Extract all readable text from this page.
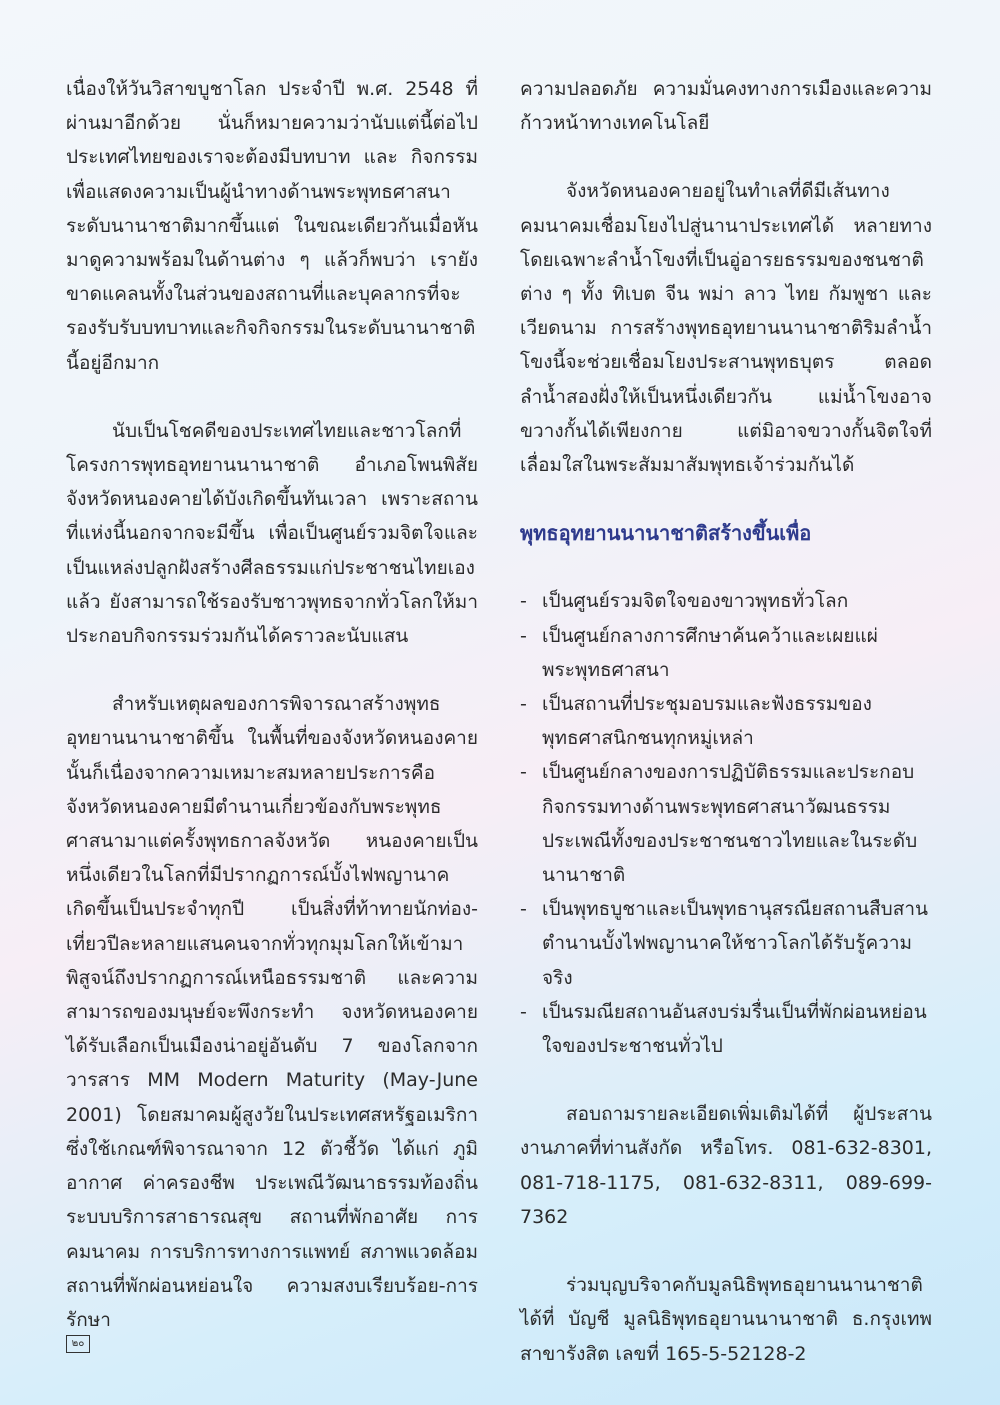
เนื่องให้วันวิสาขบูชาโลก ประจำปี พ.ศ. 2548 ที่ผ่านมาอีกด้วย นั่นก็หมายความว่านับแต่นี้ต่อไปประเทศไทยของเราจะต้องมีบทบาท และ กิจกรรมเพื่อแสดงความเป็นผู้นำทางด้านพระพุทธศาสนาระดับนานาชาติมากขึ้นแต่ ในขณะเดียวกันเมื่อหันมาดูความพร้อมในด้านต่าง ๆ แล้วก็พบว่า เรายังขาดแคลนทั้งในส่วนของสถานที่และบุคลากรที่จะรองรับรับบทบาทและกิจกิจกรรมในระดับนานาชาตินี้อยู่อีกมาก

นับเป็นโชคดีของประเทศไทยและชาวโลกที่โครงการพุทธอุทยานนานาชาติ อำเภอโพนพิสัย จังหวัดหนองคายได้บังเกิดขึ้นทันเวลา เพราะสถานที่แห่งนี้นอกจากจะมีขึ้น เพื่อเป็นศูนย์รวมจิตใจและเป็นแหล่งปลูกฝังสร้างศีลธรรมแก่ประชาชนไทยเองแล้ว ยังสามารถใช้รองรับชาวพุทธจากทั่วโลกให้มาประกอบกิจกรรมร่วมกันได้คราวละนับแสน

สำหรับเหตุผลของการพิจารณาสร้างพุทธอุทยานนานาชาติขึ้น ในพื้นที่ของจังหวัดหนองคายนั้นก็เนื่องจากความเหมาะสมหลายประการคือ จังหวัดหนองคายมีตำนานเกี่ยวข้องกับพระพุทธศาสนามาแต่ครั้งพุทธกาลจังหวัด หนองคายเป็นหนึ่งเดียวในโลกที่มีปรากฏการณ์บั้งไฟพญานาคเกิดขึ้นเป็นประจำทุกปี เป็นสิ่งที่ท้าทายนักท่อง-เที่ยวปีละหลายแสนคนจากทั่วทุกมุมโลกให้เข้ามาพิสูจน์ถึงปรากฏการณ์เหนือธรรมชาติ และความสามารถของมนุษย์จะพึงกระทำ จงหวัดหนองคายได้รับเลือกเป็นเมืองน่าอยู่อันดับ 7 ของโลกจากวารสาร MM Modern Maturity (May-June 2001) โดยสมาคมผู้สูงวัยในประเทศสหรัฐอเมริกา ซึ่งใช้เกณฑ์พิจารณาจาก 12 ตัวชี้วัด ได้แก่ ภูมิอากาศ ค่าครองชีพ ประเพณีวัฒนาธรรมท้องถิ่น ระบบบริการสาธารณสุข สถานที่พักอาศัย การคมนาคม การบริการทางการแพทย์ สภาพแวดล้อม สถานที่พักผ่อนหย่อนใจ ความสงบเรียบร้อย-การรักษา

ความปลอดภัย ความมั่นคงทางการเมืองและความก้าวหน้าทางเทคโนโลยี

จังหวัดหนองคายอยู่ในทำเลที่ดีมีเส้นทางคมนาคมเชื่อมโยงไปสู่นานาประเทศได้ หลายทางโดยเฉพาะลำน้ำโขงที่เป็นอู่อารยธรรมของชนชาติต่าง ๆ ทั้ง ทิเบต จีน พม่า ลาว ไทย กัมพูชา และเวียดนาม การสร้างพุทธอุทยานนานาชาติริมลำน้ำโขงนี้จะช่วยเชื่อมโยงประสานพุทธบุตร ตลอดลำน้ำสองฝั่งให้เป็นหนึ่งเดียวกัน แม่น้ำโขงอาจขวางกั้นได้เพียงกาย แต่มิอาจขวางกั้นจิตใจที่เลื่อมใสในพระสัมมาสัมพุทธเจ้าร่วมกันได้

พุทธอุทยานนานาชาติสร้างขึ้นเพื่อ
- เป็นศูนย์รวมจิตใจของขาวพุทธทั่วโลก
- เป็นศูนย์กลางการศึกษาค้นคว้าและเผยแผ่พระพุทธศาสนา
- เป็นสถานที่ประชุมอบรมและฟังธรรมของพุทธศาสนิกชนทุกหมู่เหล่า
- เป็นศูนย์กลางของการปฏิบัติธรรมและประกอบกิจกรรมทางด้านพระพุทธศาสนาวัฒนธรรมประเพณีทั้งของประชาชนชาวไทยและในระดับนานาชาติ
- เป็นพุทธบูชาและเป็นพุทธานุสรณียสถานสืบสานตำนานบั้งไฟพญานาคให้ชาวโลกได้รับรู้ความจริง
- เป็นรมณียสถานอันสงบร่มรื่นเป็นที่พักผ่อนหย่อนใจของประชาชนทั่วไป

สอบถามรายละเอียดเพิ่มเติมได้ที่ ผู้ประสานงานภาคที่ท่านสังกัด หรือโทร. 081-632-8301, 081-718-1175, 081-632-8311, 089-699-7362

ร่วมบุญบริจาคกับมูลนิธิพุทธอุยานนานาชาติได้ที่ บัญชี มูลนิธิพุทธอุยานนานาชาติ ธ.กรุงเทพสาขารังสิต เลขที่ 165-5-52128-2

๒๐
